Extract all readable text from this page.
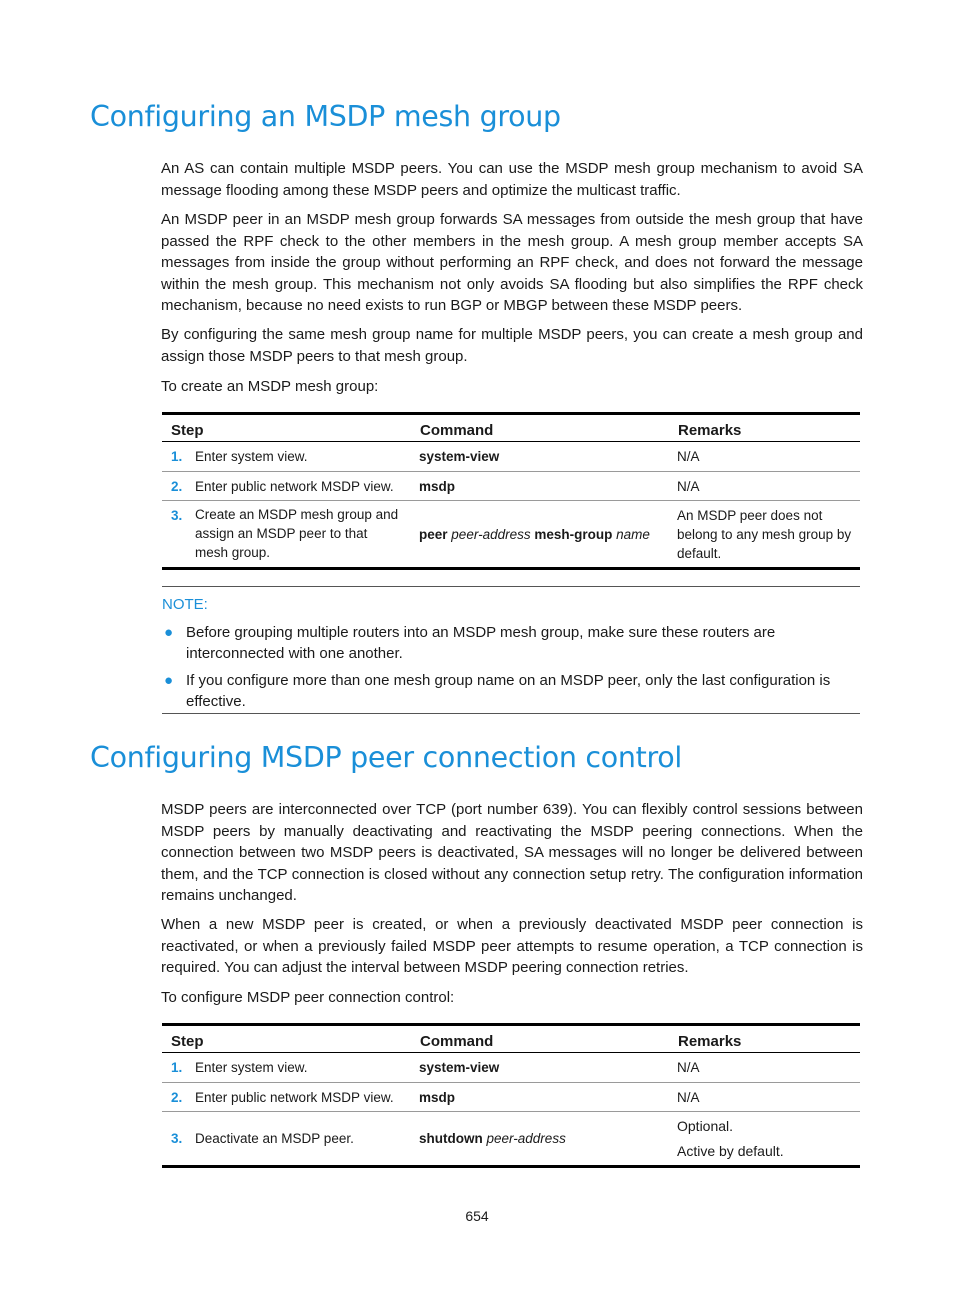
Configuring an MSDP mesh group

An AS can contain multiple MSDP peers. You can use the MSDP mesh group mechanism to avoid SA message flooding among these MSDP peers and optimize the multicast traffic.

An MSDP peer in an MSDP mesh group forwards SA messages from outside the mesh group that have passed the RPF check to the other members in the mesh group. A mesh group member accepts SA messages from inside the group without performing an RPF check, and does not forward the message within the mesh group. This mechanism not only avoids SA flooding but also simplifies the RPF check mechanism, because no need exists to run BGP or MBGP between these MSDP peers.

By configuring the same mesh group name for multiple MSDP peers, you can create a mesh group and assign those MSDP peers to that mesh group.

To create an MSDP mesh group:

Step		Command	Remarks
1.	Enter system view.	system-view	N/A
2.	Enter public network MSDP view.	msdp	N/A
3.	Create an MSDP mesh group and assign an MSDP peer to that mesh group.	peer peer-address mesh-group name	An MSDP peer does not belong to any mesh group by default.
NOTE:
● Before grouping multiple routers into an MSDP mesh group, make sure these routers are interconnected with one another.
● If you configure more than one mesh group name on an MSDP peer, only the last configuration is effective.
Configuring MSDP peer connection control

MSDP peers are interconnected over TCP (port number 639). You can flexibly control sessions between MSDP peers by manually deactivating and reactivating the MSDP peering connections. When the connection between two MSDP peers is deactivated, SA messages will no longer be delivered between them, and the TCP connection is closed without any connection setup retry. The configuration information remains unchanged.

When a new MSDP peer is created, or when a previously deactivated MSDP peer connection is reactivated, or when a previously failed MSDP peer attempts to resume operation, a TCP connection is required. You can adjust the interval between MSDP peering connection retries.

To configure MSDP peer connection control:

Step		Command	Remarks
1.	Enter system view.	system-view	N/A
2.	Enter public network MSDP view.	msdp	N/A
3.	Deactivate an MSDP peer.	shutdown peer-address	Optional.
Active by default.
654
